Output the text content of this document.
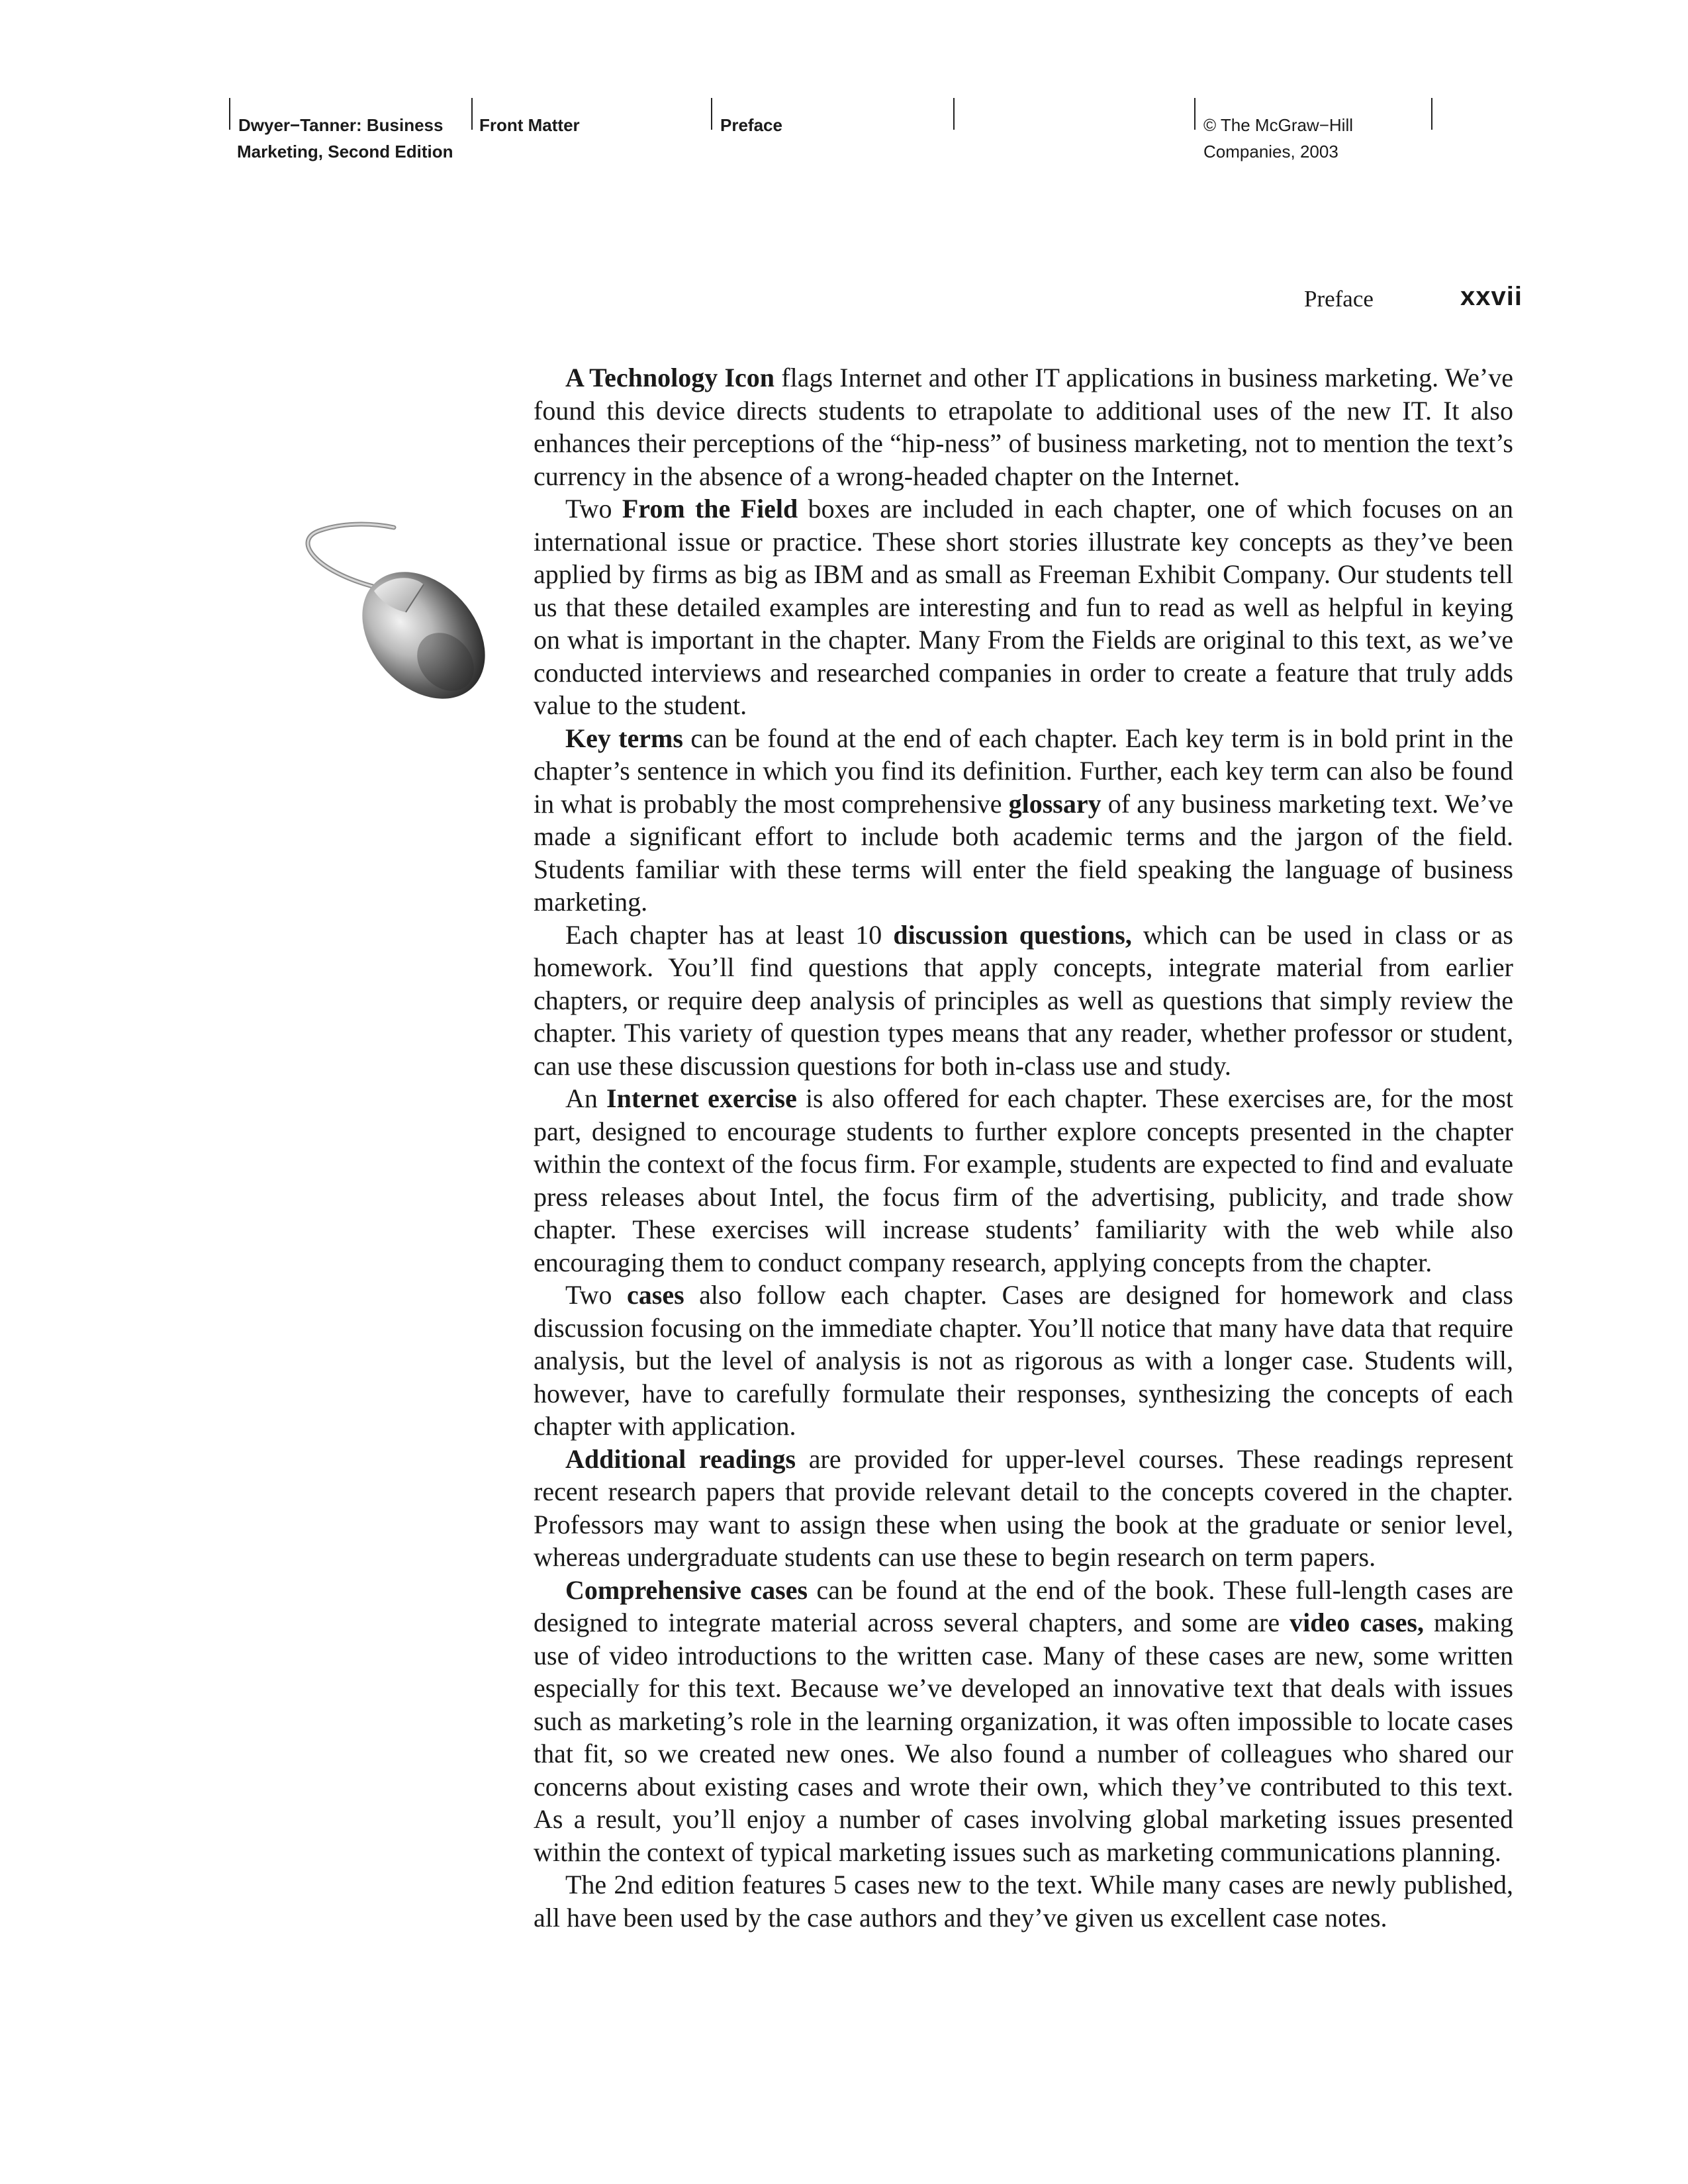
Dwyer−Tanner: Business Front Matter	Preface	© The McGraw−Hill
Marketing, Second Edition	Companies, 2003
Preface	xxvii

A Technology Icon flags Internet and other IT applications in business marketing. We’ve found this device directs students to etrapolate to additional uses of the new IT. It also enhances their perceptions of the “hip-ness” of business marketing, not to mention the text’s currency in the absence of a wrong-headed chapter on the Internet.

Two From the Field boxes are included in each chapter, one of which focuses on an international issue or practice. These short stories illustrate key concepts as they’ve been applied by firms as big as IBM and as small as Freeman Exhibit Company. Our students tell us that these detailed examples are interesting and fun to read as well as helpful in keying on what is important in the chapter. Many From the Fields are original to this text, as we’ve conducted interviews and researched companies in order to create a feature that truly adds value to the student.

Key terms can be found at the end of each chapter. Each key term is in bold print in the chapter’s sentence in which you find its definition. Further, each key term can also be found in what is probably the most comprehensive glossary of any business marketing text. We’ve made a significant effort to include both academic terms and the jargon of the field. Students familiar with these terms will enter the field speaking the language of business marketing.

Each chapter has at least 10 discussion questions, which can be used in class or as homework. You’ll find questions that apply concepts, integrate material from earlier chapters, or require deep analysis of principles as well as questions that simply review the chapter. This variety of question types means that any reader, whether professor or student, can use these discussion questions for both in-class use and study.

An Internet exercise is also offered for each chapter. These exercises are, for the most part, designed to encourage students to further explore concepts presented in the chapter within the context of the focus firm. For example, students are expected to find and evaluate press releases about Intel, the focus firm of the advertising, publicity, and trade show chapter. These exercises will increase students’ familiarity with the web while also encouraging them to conduct company research, applying concepts from the chapter.

Two cases also follow each chapter. Cases are designed for homework and class discussion focusing on the immediate chapter. You’ll notice that many have data that require analysis, but the level of analysis is not as rigorous as with a longer case. Students will, however, have to carefully formulate their responses, synthesizing the concepts of each chapter with application.

Additional readings are provided for upper-level courses. These readings represent recent research papers that provide relevant detail to the concepts covered in the chapter. Professors may want to assign these when using the book at the graduate or senior level, whereas undergraduate students can use these to begin research on term papers.

Comprehensive cases can be found at the end of the book. These full-length cases are designed to integrate material across several chapters, and some are video cases, making use of video introductions to the written case. Many of these cases are new, some written especially for this text. Because we’ve developed an innovative text that deals with issues such as marketing’s role in the learning organization, it was often impossible to locate cases that fit, so we created new ones. We also found a number of colleagues who shared our concerns about existing cases and wrote their own, which they’ve contributed to this text. As a result, you’ll enjoy a number of cases involving global marketing issues presented within the context of typical marketing issues such as marketing communications planning.

The 2nd edition features 5 cases new to the text. While many cases are newly published, all have been used by the case authors and they’ve given us excellent case notes.
